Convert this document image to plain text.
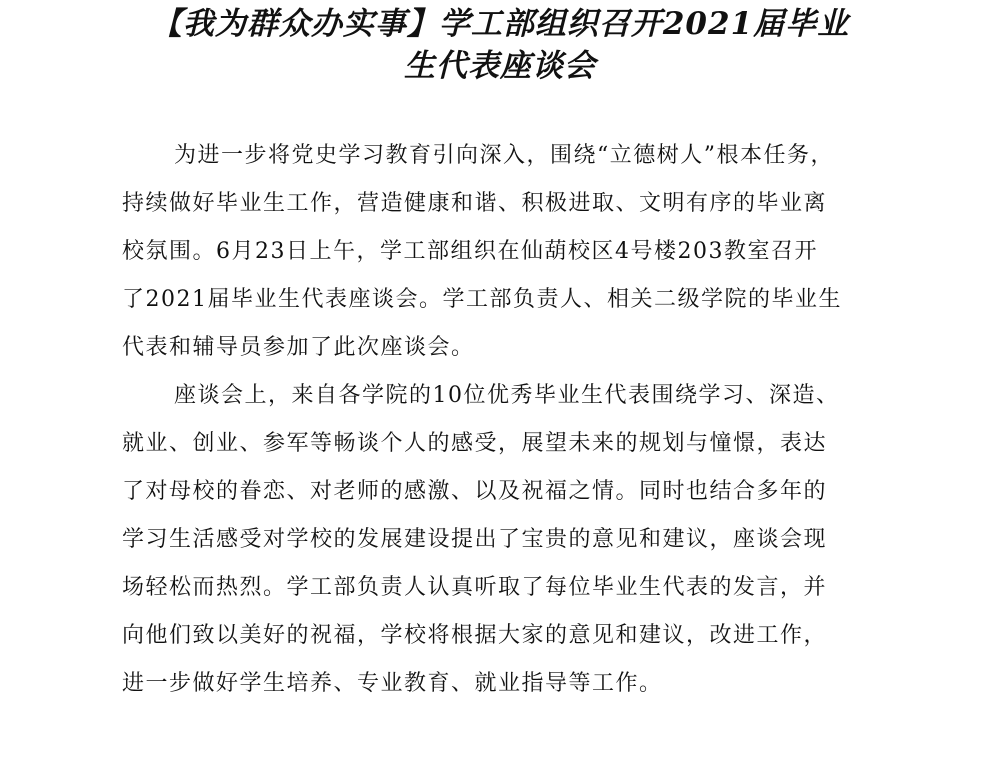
【我为群众办实事】学工部组织召开2021届毕业
生代表座谈会
为进一步将党史学习教育引向深入，围绕“立德树人”根本任务，
持续做好毕业生工作，营造健康和谐、积极进取、文明有序的毕业离
校氛围。6月23日上午，学工部组织在仙葫校区4号楼203教室召开
了2021届毕业生代表座谈会。学工部负责人、相关二级学院的毕业生
代表和辅导员参加了此次座谈会。
座谈会上，来自各学院的10位优秀毕业生代表围绕学习、深造、
就业、创业、参军等畅谈个人的感受，展望未来的规划与憧憬，表达
了对母校的眷恋、对老师的感激、以及祝福之情。同时也结合多年的
学习生活感受对学校的发展建设提出了宝贵的意见和建议，座谈会现
场轻松而热烈。学工部负责人认真听取了每位毕业生代表的发言，并
向他们致以美好的祝福，学校将根据大家的意见和建议，改进工作，
进一步做好学生培养、专业教育、就业指导等工作。
